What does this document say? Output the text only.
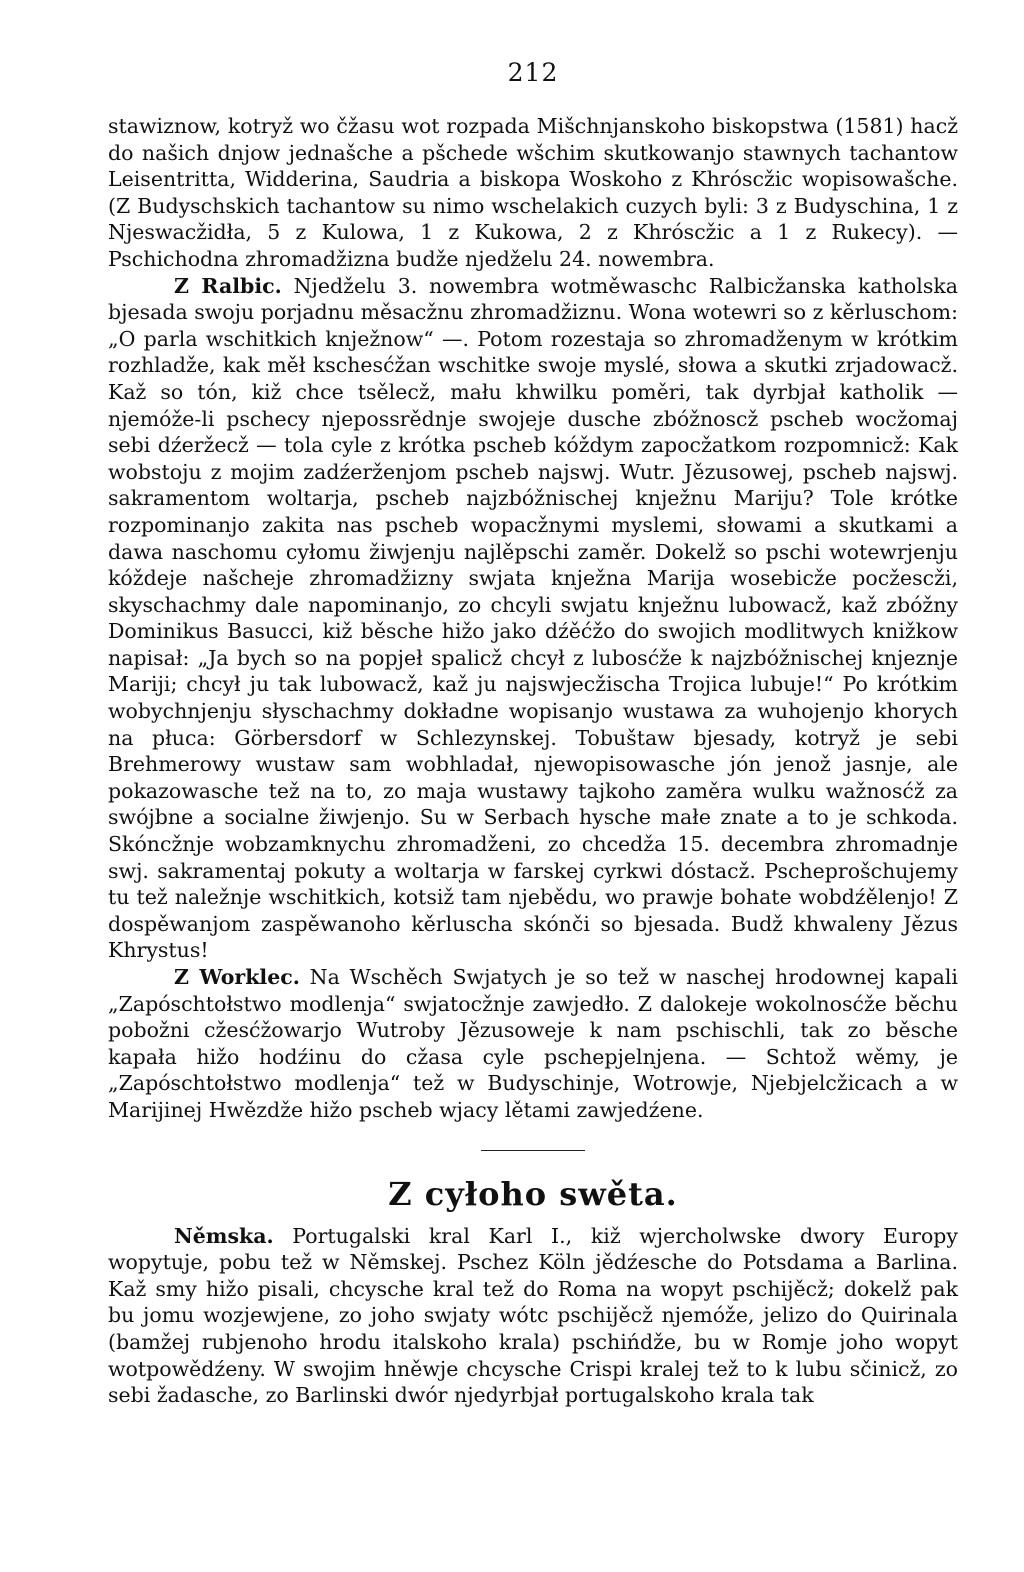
212

stawiznow, kotryž wo čžasu wot rozpada Mišchnjanskoho biskopstwa (1581) hacž do našich dnjow jednašche a pšchede wšchim skutkowanjo stawnych tachantow Leisentritta, Widderina, Saudria a biskopa Woskoho z Khróscžic wopisowašche. (Z Budyschskich tachantow su nimo wschelakich cuzych byli: 3 z Budyschina, 1 z Njeswacžidła, 5 z Kulowa, 1 z Kukowa, 2 z Khróscžic a 1 z Rukecy). — Pschichodna zhromadžizna budže njedželu 24. nowembra.

Z Ralbic. Njedželu 3. nowembra wotměwaschc Ralbicžanska katholska bjesada swoju porjadnu měsacžnu zhromadžiznu. Wona wotewri so z kěrluschom: „O parla wschitkich knježnow“ —. Potom rozestaja so zhromadženym w krótkim rozhladže, kak měł kschesćžan wschitke swoje myslé, słowa a skutki zrjadowacž. Kaž so tón, kiž chce tsělecž, mału khwilku poměri, tak dyrbjał katholik — njemóže-li pschecy njepossrědnje swojeje dusche zbóžnoscž pscheb wocžomaj sebi dźeržecž — tola cyle z krótka pscheb kóždym zapocžatkom rozpomnicž: Kak wobstoju z mojim zadźerženjom pscheb najswj. Wutr. Jězusowej, pscheb najswj. sakramentom woltarja, pscheb najzbóžnischej knježnu Mariju? Tole krótke rozpominanjo zakita nas pscheb wopacžnymi myslemi, słowami a skutkami a dawa naschomu cyłomu žiwjenju najlěpschi zaměr. Dokelž so pschi wotewrjenju kóždeje našcheje zhromadžizny swjata knježna Marija wosebicže pocžescži, skyschachmy dale napominanjo, zo chcyli swjatu knježnu lubowacž, kaž zbóžny Dominikus Basucci, kiž běsche hižo jako dźěćžo do swojich modlitwych knižkow napisał: „Ja bych so na popjeł spalicž chcył z lubosćže k najzbóžnischej knjeznje Mariji; chcył ju tak lubowacž, kaž ju najswjecžischa Trojica lubuje!“ Po krótkim wobychnjenju słyschachmy dokładne wopisanjo wustawa za wuhojenjo khorych na płuca: Görbersdorf w Schlezynskej. Tobuštaw bjesady, kotryž je sebi Brehmerowy wustaw sam wobhladał, njewopisowasche jón jenož jasnje, ale pokazowasche tež na to, zo maja wustawy tajkoho zaměra wulku wažnosćž za swójbne a socialne žiwjenjo. Su w Serbach hysche małe znate a to je schkoda. Skóncžnje wobzamknychu zhromadženi, zo chcedža 15. decembra zhromadnje swj. sakramentaj pokuty a woltarja w farskej cyrkwi dóstacž. Pscheprošchujemy tu tež naležnje wschitkich, kotsiž tam njebědu, wo prawje bohate wobdźělenjo! Z dospěwanjom zaspěwanoho kěrluscha skónči so bjesada. Budž khwaleny Jězus Khrystus!

Z Worklec. Na Wschěch Swjatych je so tež w naschej hrodownej kapali „Zapóschtołstwo modlenja“ swjatocžnje zawjedło. Z dalokeje wokolnosćže běchu pobožni cžesćžowarjo Wutroby Jězusoweje k nam pschischli, tak zo běsche kapała hižo hodźinu do cžasa cyle pschepjelnjena. — Schtož wěmy, je „Zapóschtołstwo modlenja“ tež w Budyschinje, Wotrowje, Njebjelcžicach a w Marijinej Hwězdže hižo pscheb wjacy lětami zawjedźene.

Z cyłoho swěta.

Němska. Portugalski kral Karl I., kiž wjercholwske dwory Europy wopytuje, pobu tež w Němskej. Pschez Köln jědźesche do Potsdama a Barlina. Kaž smy hižo pisali, chcysche kral tež do Roma na wopyt pschijěcž; dokelž pak bu jomu wozjewjene, zo joho swjaty wótc pschijěcž njemóže, jelizo do Quirinala (bamžej rubjenoho hrodu italskoho krala) pschińdže, bu w Romje joho wopyt wotpowědźeny. W swojim hněwje chcysche Crispi kralej tež to k lubu sčinicž, zo sebi žadasche, zo Barlinski dwór njedyrbjał portugalskoho krala tak
